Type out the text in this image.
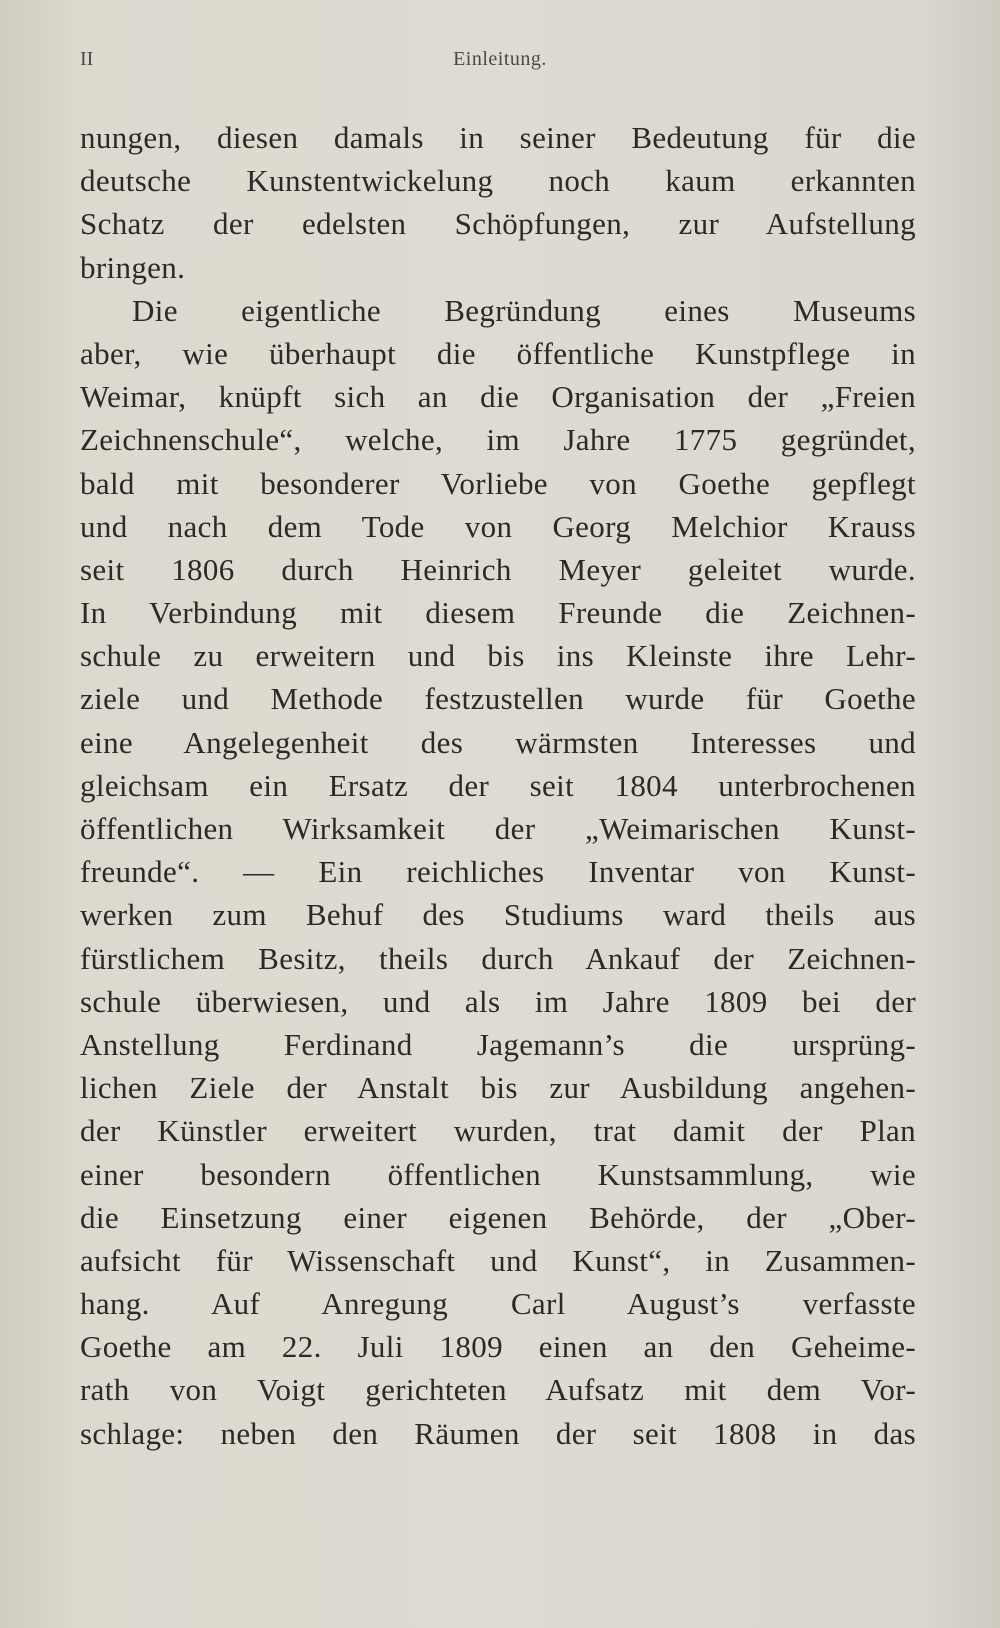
II	Einleitung.
nungen, diesen damals in seiner Bedeutung für die
deutsche Kunstentwickelung noch kaum erkannten
Schatz der edelsten Schöpfungen, zur Aufstellung
bringen.
Die eigentliche Begründung eines Museums
aber, wie überhaupt die öffentliche Kunstpflege in
Weimar, knüpft sich an die Organisation der „Freien
Zeichnenschule“, welche, im Jahre 1775 gegründet,
bald mit besonderer Vorliebe von Goethe gepflegt
und nach dem Tode von Georg Melchior Krauss
seit 1806 durch Heinrich Meyer geleitet wurde.
In Verbindung mit diesem Freunde die Zeichnen-
schule zu erweitern und bis ins Kleinste ihre Lehr-
ziele und Methode festzustellen wurde für Goethe
eine Angelegenheit des wärmsten Interesses und
gleichsam ein Ersatz der seit 1804 unterbrochenen
öffentlichen Wirksamkeit der „Weimarischen Kunst-
freunde“. — Ein reichliches Inventar von Kunst-
werken zum Behuf des Studiums ward theils aus
fürstlichem Besitz, theils durch Ankauf der Zeichnen-
schule überwiesen, und als im Jahre 1809 bei der
Anstellung Ferdinand Jagemann’s die ursprüng-
lichen Ziele der Anstalt bis zur Ausbildung angehen-
der Künstler erweitert wurden, trat damit der Plan
einer besondern öffentlichen Kunstsammlung, wie
die Einsetzung einer eigenen Behörde, der „Ober-
aufsicht für Wissenschaft und Kunst“, in Zusammen-
hang. Auf Anregung Carl August’s verfasste
Goethe am 22. Juli 1809 einen an den Geheime-
rath von Voigt gerichteten Aufsatz mit dem Vor-
schlage: neben den Räumen der seit 1808 in das
